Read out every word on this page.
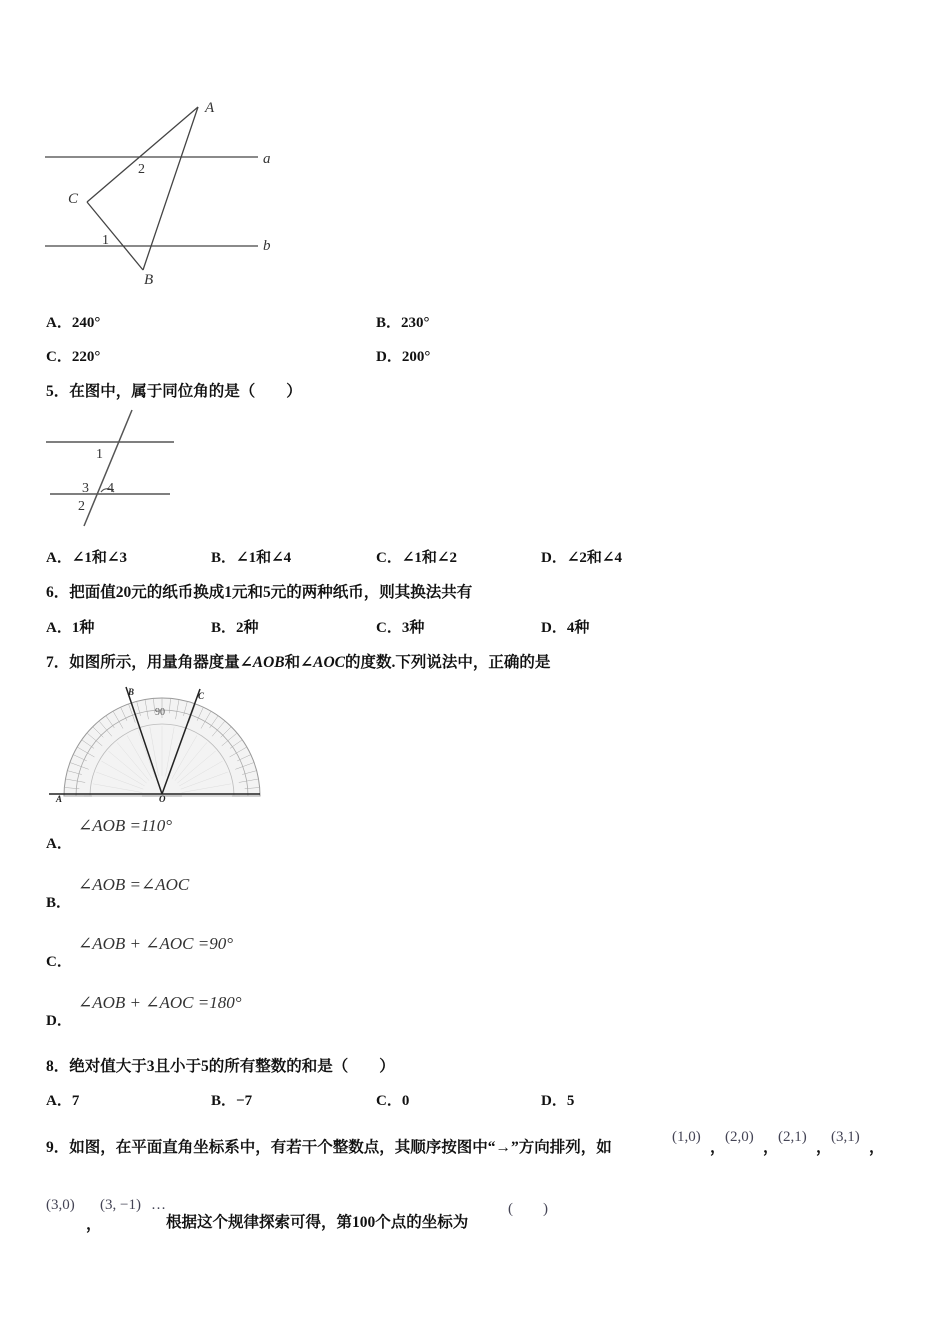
A
C
B
a
b
2
1
A．240°	B．230°
C．220°	D．200°
5．在图中，属于同位角的是（　　）
1
3 4
2
A．∠1和∠3	B．∠1和∠4	C．∠1和∠2	D．∠2和∠4
6．把面值20元的纸币换成1元和5元的两种纸币，则其换法共有
A．1种	B．2种	C．3种	D．4种
7．如图所示，用量角器度量∠AOB和∠AOC的度数.下列说法中，正确的是
90
A	O
B	C
A．
∠AOB =110°
B．
∠AOB =∠AOC
C．
∠AOB + ∠AOC =90°
D．
∠AOB + ∠AOC =180°
8．绝对值大于3且小于5的所有整数的和是（　　）
A．7	B．−7	C．0	D．5
9．如图，在平面直角坐标系中，有若干个整数点，其顺序按图中“→”方向排列，如
(1,0)
，
(2,0)
，
(2,1)
，
(3,1)
，
(3,0)
，
(3, −1) …
根据这个规律探索可得，第100个点的坐标为
(　　)
